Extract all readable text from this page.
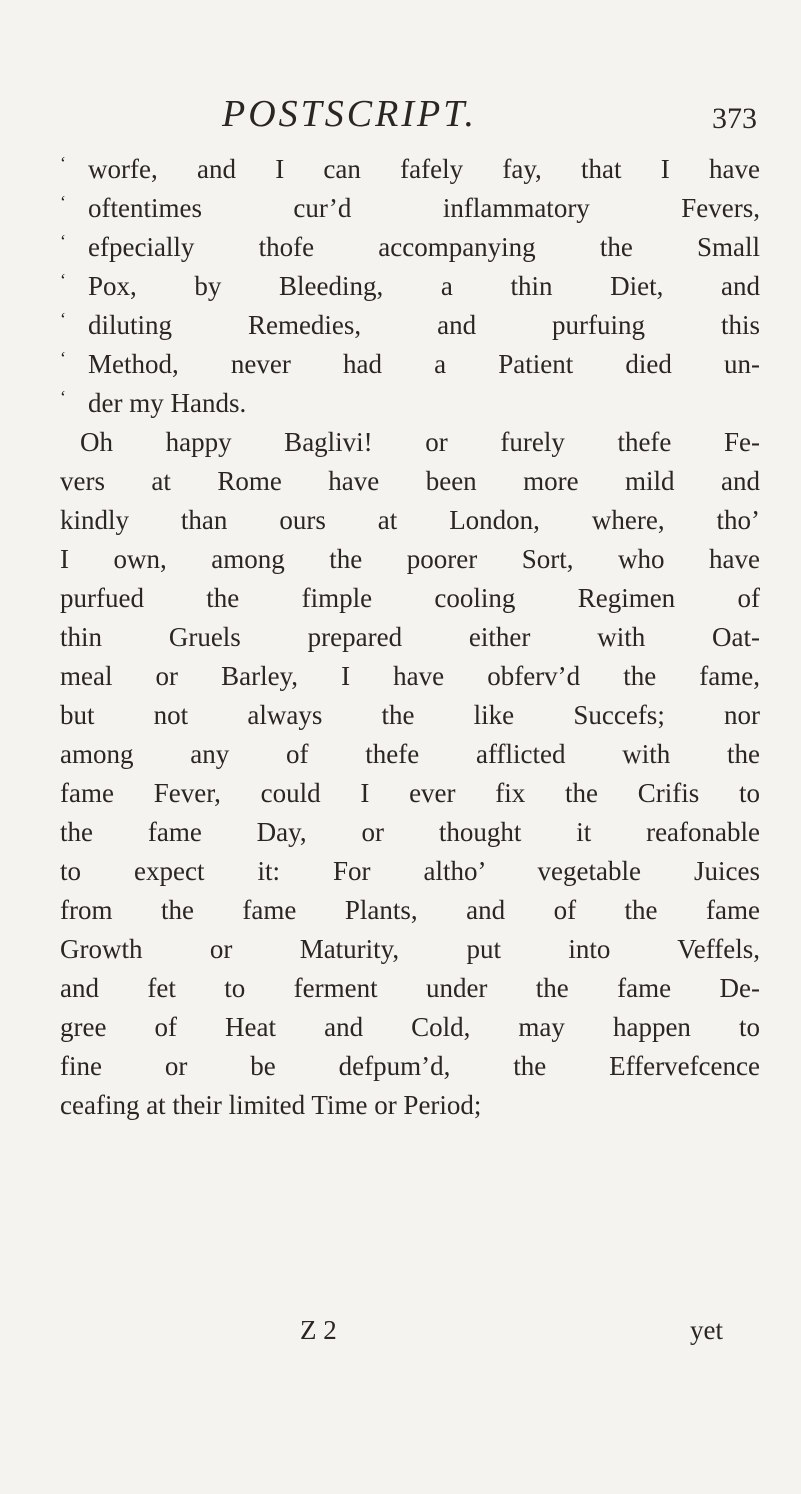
POSTSCRIPT.	373
‘ worfe, and I can fafely fay, that I have
‘ oftentimes cur’d inflammatory Fevers,
‘ efpecially thofe accompanying the Small
‘ Pox, by Bleeding, a thin Diet, and
‘ diluting Remedies, and purfuing this
‘ Method, never had a Patient died un-
‘ der my Hands.
Oh happy Baglivi! or furely thefe Fe-
vers at Rome have been more mild and
kindly than ours at London, where, tho’
I own, among the poorer Sort, who have
purfued the fimple cooling Regimen of
thin Gruels prepared either with Oat-
meal or Barley, I have obferv’d the fame,
but not always the like Succefs; nor
among any of thefe afflicted with the
fame Fever, could I ever fix the Crifis to
the fame Day, or thought it reafonable
to expect it: For altho’ vegetable Juices
from the fame Plants, and of the fame
Growth or Maturity, put into Veffels,
and fet to ferment under the fame De-
gree of Heat and Cold, may happen to
fine or be defpum’d, the Effervefcence
ceafing at their limited Time or Period;
Z 2	yet
